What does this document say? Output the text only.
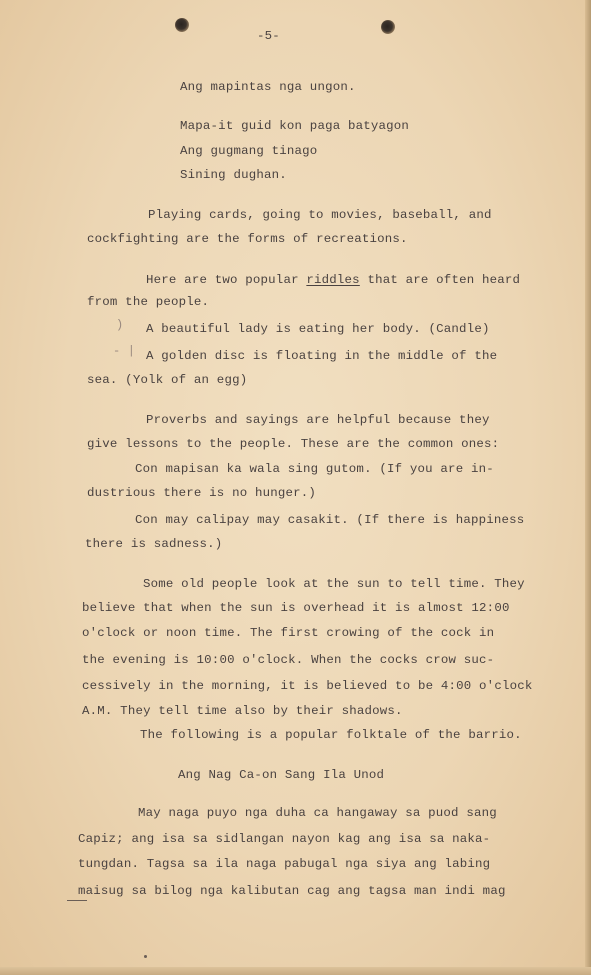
-5-
Ang mapintas nga ungon.
Mapa-it guid kon paga batyagon
Ang gugmang tinago
Sining dughan.
Playing cards, going to movies, baseball, and
cockfighting are the forms of recreations.
Here are two popular riddles that are often heard
from the people.
) A beautiful lady is eating her body. (Candle)
- | A golden disc is floating in the middle of the
sea. (Yolk of an egg)
Proverbs and sayings are helpful because they
give lessons to the people. These are the common ones:
Con mapisan ka wala sing gutom. (If you are in-
dustrious there is no hunger.)
Con may calipay may casakit. (If there is happiness
there is sadness.)
Some old people look at the sun to tell time. They
believe that when the sun is overhead it is almost 12:00
o'clock or noon time. The first crowing of the cock in
the evening is 10:00 o'clock. When the cocks crow suc-
cessively in the morning, it is believed to be 4:00 o'clock
A.M. They tell time also by their shadows.
The following is a popular folktale of the barrio.
Ang Nag Ca-on Sang Ila Unod
May naga puyo nga duha ca hangaway sa puod sang
Capiz; ang isa sa sidlangan nayon kag ang isa sa naka-
tungdan. Tagsa sa ila naga pabugal nga siya ang labing
maisug sa bilog nga kalibutan cag ang tagsa man indi mag
